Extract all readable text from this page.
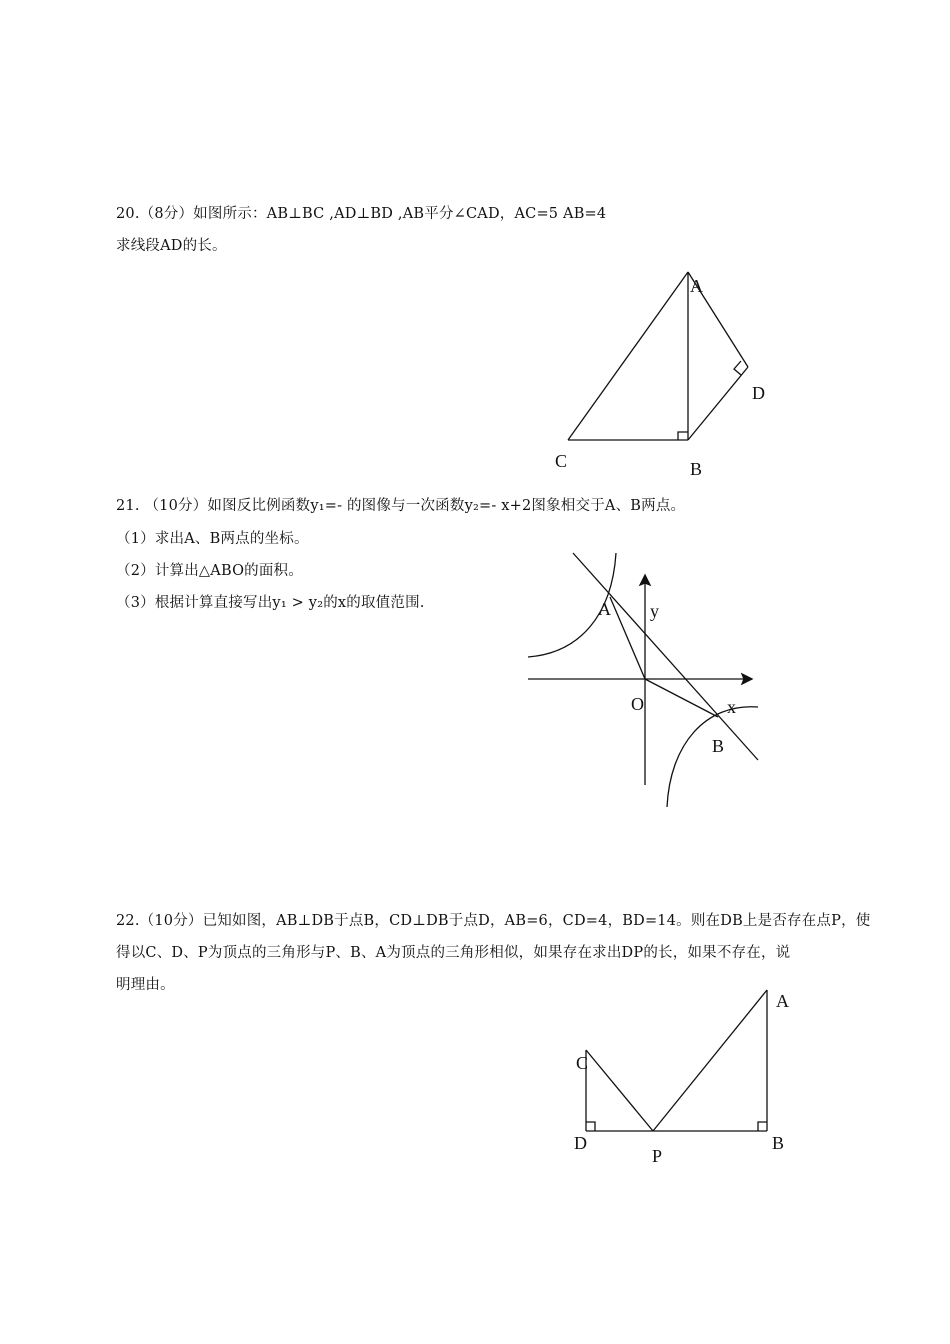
20.（8分）如图所示：AB⊥BC ,AD⊥BD ,AB平分∠CAD，AC=5 AB=4
求线段AD的长。
A
D
C	B
21. （10分）如图反比例函数y₁=- 的图像与一次函数y₂=- x+2图象相交于A、B两点。
（1）求出A、B两点的坐标。
（2）计算出△ABO的面积。
（3）根据计算直接写出y₁ > y₂的x的取值范围.	A y
O	x
B
22.（10分）已知如图，AB⊥DB于点B，CD⊥DB于点D，AB=6，CD=4，BD=14。则在DB上是否存在点P，使
得以C、D、P为顶点的三角形与P、B、A为顶点的三角形相似，如果存在求出DP的长，如果不存在，说
明理由。
A
C
D
P
B
